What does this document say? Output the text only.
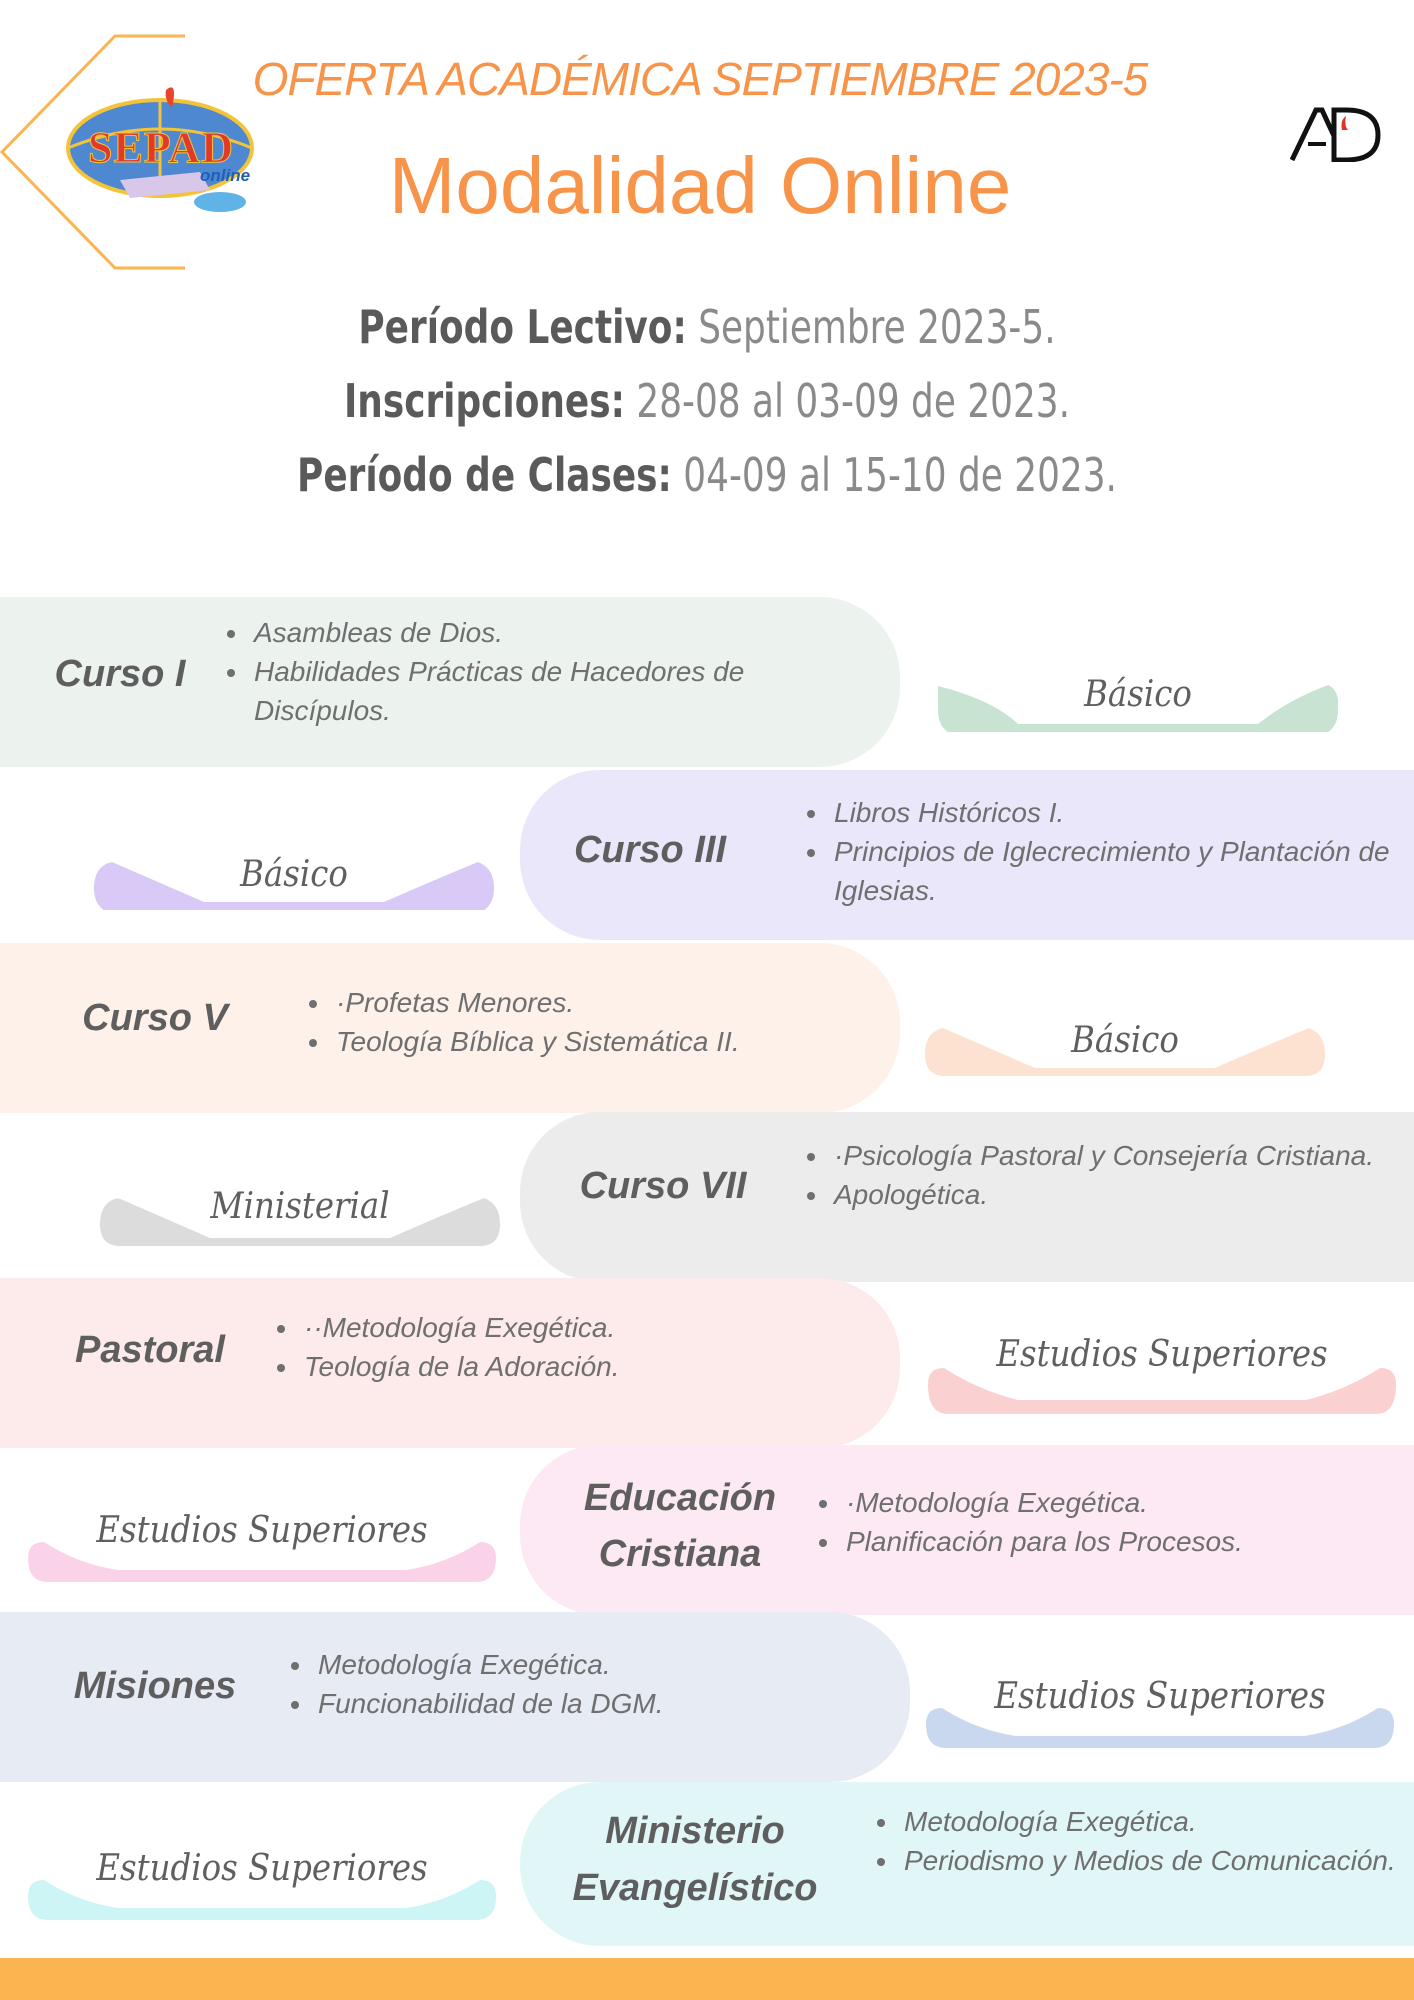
SEPAD
online
OFERTA ACADÉMICA SEPTIEMBRE 2023-5
Modalidad Online
Período Lectivo: Septiembre 2023-5.
Inscripciones: 28-08 al 03-09 de 2023.
Período de Clases: 04-09 al 15-10 de 2023.
Curso I
• Asambleas de Dios.
• Habilidades Prácticas de Hacedores de Discípulos.	Básico
Curso III
• Libros Históricos I.
• Principios de Iglecrecimiento y Plantación de Iglesias.
Básico
Curso V
•	·Profetas Menores.
• Teología Bíblica y Sistemática II.	Básico
Curso VII
• ·Psicología Pastoral y Consejería Cristiana.
• Apologética.
Ministerial
Pastoral
• ··Metodología Exegética.
• Teología de la Adoración.	Estudios Superiores
Educación
Cristiana
• ·Metodología Exegética.
• Planificación para los Procesos.
Estudios Superiores
Misiones
• Metodología Exegética.
• Funcionabilidad de la DGM.	Estudios Superiores
Ministerio
Evangelístico
• Metodología Exegética.
• Periodismo y Medios de Comunicación.
Estudios Superiores
